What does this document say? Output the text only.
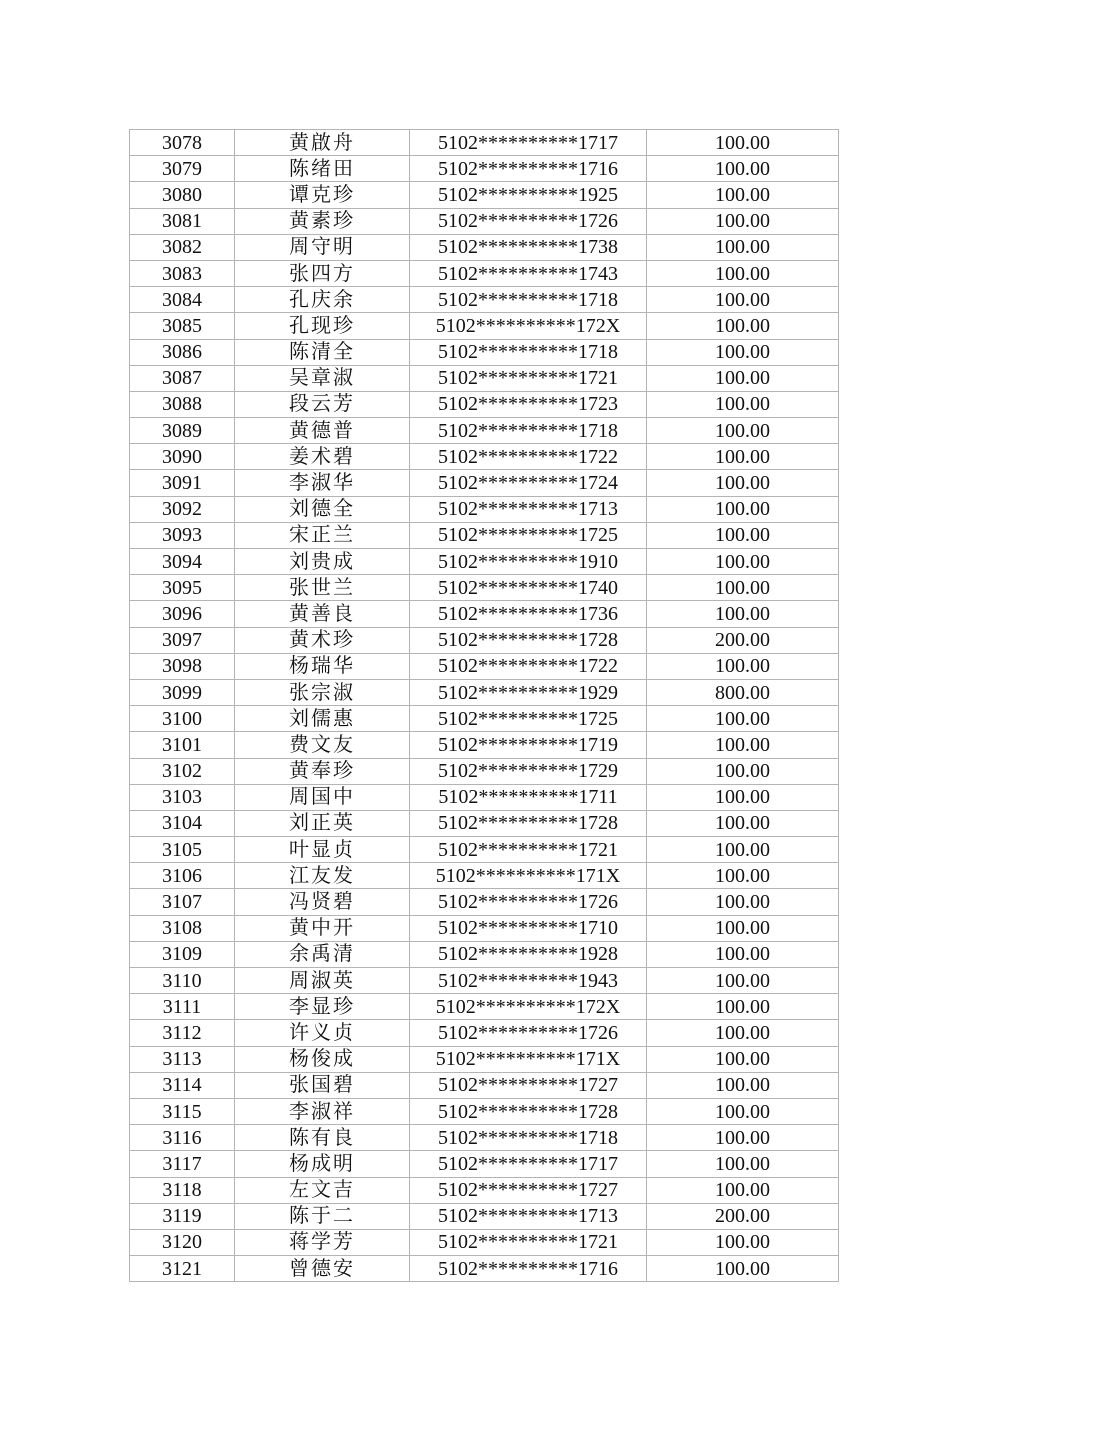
3078	黄啟舟	5102**********1717	100.00
3079	陈绪田	5102**********1716	100.00
3080	谭克珍	5102**********1925	100.00
3081	黄素珍	5102**********1726	100.00
3082	周守明	5102**********1738	100.00
3083	张四方	5102**********1743	100.00
3084	孔庆余	5102**********1718	100.00
3085	孔现珍	5102**********172X	100.00
3086	陈清全	5102**********1718	100.00
3087	吴章淑	5102**********1721	100.00
3088	段云芳	5102**********1723	100.00
3089	黄德普	5102**********1718	100.00
3090	姜术碧	5102**********1722	100.00
3091	李淑华	5102**********1724	100.00
3092	刘德全	5102**********1713	100.00
3093	宋正兰	5102**********1725	100.00
3094	刘贵成	5102**********1910	100.00
3095	张世兰	5102**********1740	100.00
3096	黄善良	5102**********1736	100.00
3097	黄术珍	5102**********1728	200.00
3098	杨瑞华	5102**********1722	100.00
3099	张宗淑	5102**********1929	800.00
3100	刘儒惠	5102**********1725	100.00
3101	费文友	5102**********1719	100.00
3102	黄奉珍	5102**********1729	100.00
3103	周国中	5102**********1711	100.00
3104	刘正英	5102**********1728	100.00
3105	叶显贞	5102**********1721	100.00
3106	江友发	5102**********171X	100.00
3107	冯贤碧	5102**********1726	100.00
3108	黄中开	5102**********1710	100.00
3109	余禹清	5102**********1928	100.00
3110	周淑英	5102**********1943	100.00
3111	李显珍	5102**********172X	100.00
3112	许义贞	5102**********1726	100.00
3113	杨俊成	5102**********171X	100.00
3114	张国碧	5102**********1727	100.00
3115	李淑祥	5102**********1728	100.00
3116	陈有良	5102**********1718	100.00
3117	杨成明	5102**********1717	100.00
3118	左文吉	5102**********1727	100.00
3119	陈于二	5102**********1713	200.00
3120	蒋学芳	5102**********1721	100.00
3121	曾德安	5102**********1716	100.00
